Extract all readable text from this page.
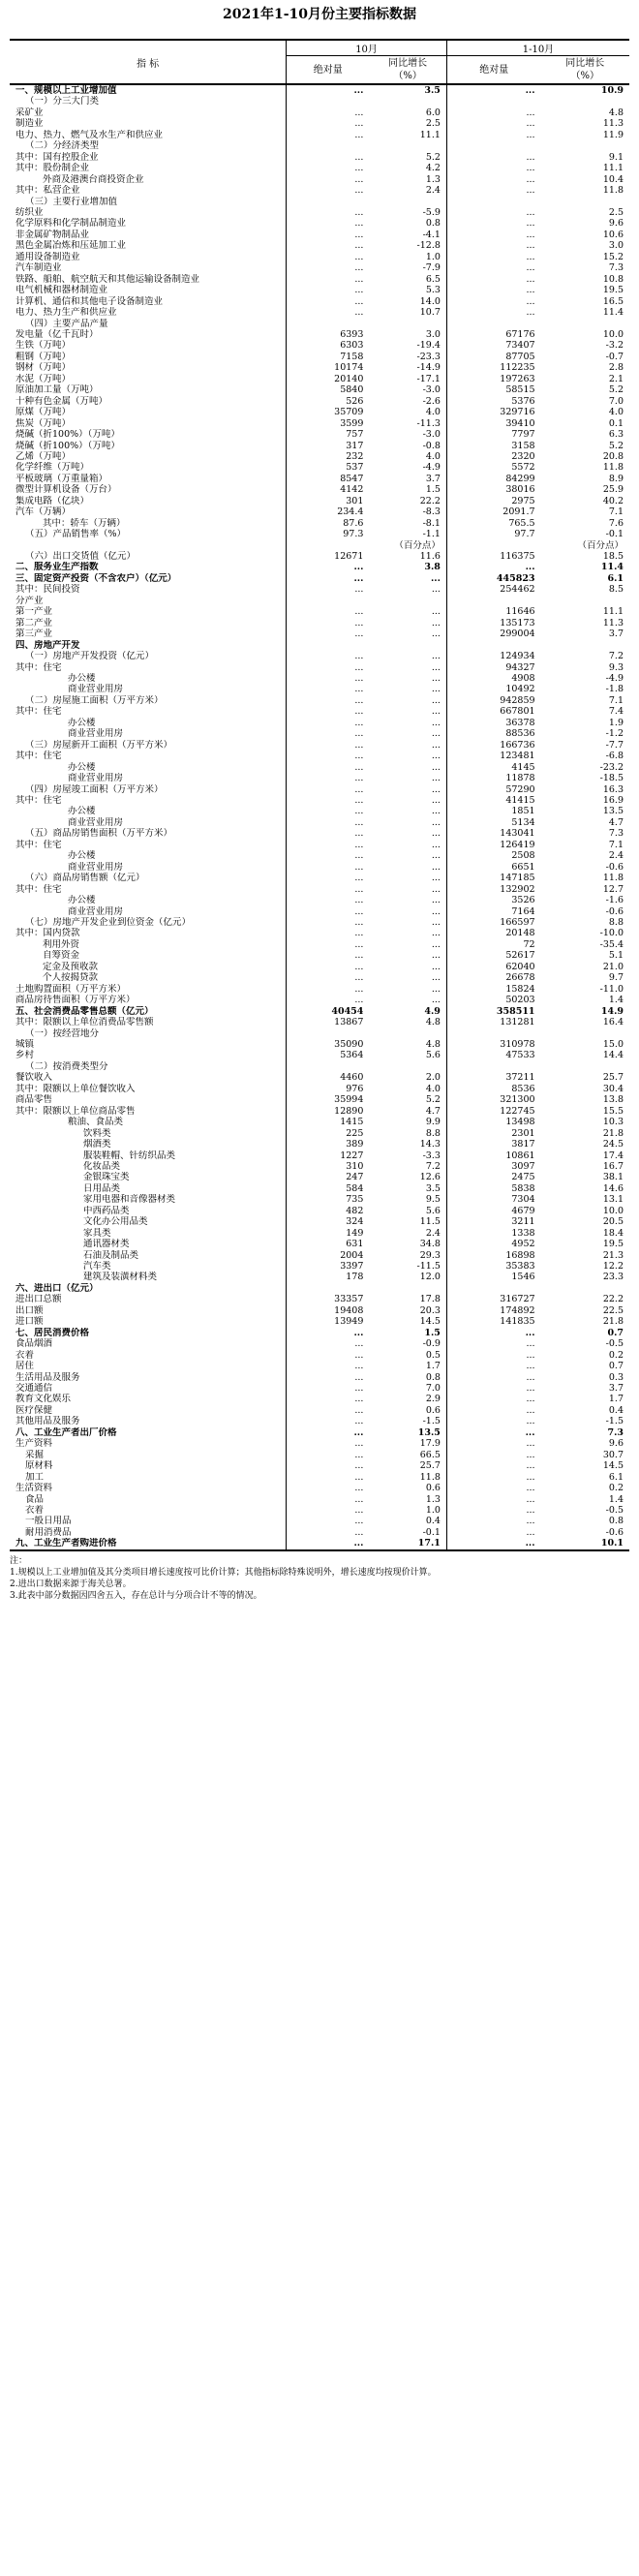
2021年1-10月份主要指标数据
指 标	10月		1-10月	
	绝对量	同比增长（%）	绝对量	同比增长（%）
一、规模以上工业增加值	...	3.5	...	10.9
（一）分三大门类				
采矿业	...	6.0	...	4.8
制造业	...	2.5	...	11.3
电力、热力、燃气及水生产和供应业	...	11.1	...	11.9
（二）分经济类型				
其中：国有控股企业	...	5.2	...	9.1
其中：股份制企业	...	4.2	...	11.1
外商及港澳台商投资企业	...	1.3	...	10.4
其中：私营企业	...	2.4	...	11.8
（三）主要行业增加值				
纺织业	...	-5.9	...	2.5
化学原料和化学制品制造业	...	0.8	...	9.6
非金属矿物制品业	...	-4.1	...	10.6
黑色金属冶炼和压延加工业	...	-12.8	...	3.0
通用设备制造业	...	1.0	...	15.2
汽车制造业	...	-7.9	...	7.3
铁路、船舶、航空航天和其他运输设备制造业	...	6.5	...	10.8
电气机械和器材制造业	...	5.3	...	19.5
计算机、通信和其他电子设备制造业	...	14.0	...	16.5
电力、热力生产和供应业	...	10.7	...	11.4
（四）主要产品产量				
发电量（亿千瓦时）	6393	3.0	67176	10.0
生铁（万吨）	6303	-19.4	73407	-3.2
粗钢（万吨）	7158	-23.3	87705	-0.7
钢材（万吨）	10174	-14.9	112235	2.8
水泥（万吨）	20140	-17.1	197263	2.1
原油加工量（万吨）	5840	-3.0	58515	5.2
十种有色金属（万吨）	526	-2.6	5376	7.0
原煤（万吨）	35709	4.0	329716	4.0
焦炭（万吨）	3599	-11.3	39410	0.1
烧碱（折100%）（万吨）	757	-3.0	7797	6.3
烧碱（折100%）（万吨）	317	-0.8	3158	5.2
乙烯（万吨）	232	4.0	2320	20.8
化学纤维（万吨）	537	-4.9	5572	11.8
平板玻璃（万重量箱）	8547	3.7	84299	8.9
微型计算机设备（万台）	4142	1.5	38016	25.9
集成电路（亿块）	301	22.2	2975	40.2
汽车（万辆）	234.4	-8.3	2091.7	7.1
其中：轿车（万辆）	87.6	-8.1	765.5	7.6
（五）产品销售率（%）	97.3	-1.1	97.7	-0.1
		（百分点）		（百分点）
（六）出口交货值（亿元）	12671	11.6	116375	18.5
二、服务业生产指数	...	3.8	...	11.4
三、固定资产投资（不含农户）（亿元）	...	...	445823	6.1
其中：民间投资	...	...	254462	8.5
分产业				
第一产业	...	...	11646	11.1
第二产业	...	...	135173	11.3
第三产业	...	...	299004	3.7
四、房地产开发				
（一）房地产开发投资（亿元）	...	...	124934	7.2
其中：住宅	...	...	94327	9.3
办公楼	...	...	4908	-4.9
商业营业用房	...	...	10492	-1.8
（二）房屋施工面积（万平方米）	...	...	942859	7.1
其中：住宅	...	...	667801	7.4
办公楼	...	...	36378	1.9
商业营业用房	...	...	88536	-1.2
（三）房屋新开工面积（万平方米）	...	...	166736	-7.7
其中：住宅	...	...	123481	-6.8
办公楼	...	...	4145	-23.2
商业营业用房	...	...	11878	-18.5
（四）房屋竣工面积（万平方米）	...	...	57290	16.3
其中：住宅	...	...	41415	16.9
办公楼	...	...	1851	13.5
商业营业用房	...	...	5134	4.7
（五）商品房销售面积（万平方米）	...	...	143041	7.3
其中：住宅	...	...	126419	7.1
办公楼	...	...	2508	2.4
商业营业用房	...	...	6651	-0.6
（六）商品房销售额（亿元）	...	...	147185	11.8
其中：住宅	...	...	132902	12.7
办公楼	...	...	3526	-1.6
商业营业用房	...	...	7164	-0.6
（七）房地产开发企业到位资金（亿元）	...	...	166597	8.8
其中：国内贷款	...	...	20148	-10.0
利用外资	...	...	72	-35.4
自筹资金	...	...	52617	5.1
定金及预收款	...	...	62040	21.0
个人按揭贷款	...	...	26678	9.7
土地购置面积（万平方米）	...	...	15824	-11.0
商品房待售面积（万平方米）	...	...	50203	1.4
五、社会消费品零售总额（亿元）	40454	4.9	358511	14.9
其中：限额以上单位消费品零售额	13867	4.8	131281	16.4
（一）按经营地分				
城镇	35090	4.8	310978	15.0
乡村	5364	5.6	47533	14.4
（二）按消费类型分				
餐饮收入	4460	2.0	37211	25.7
其中：限额以上单位餐饮收入	976	4.0	8536	30.4
商品零售	35994	5.2	321300	13.8
其中：限额以上单位商品零售	12890	4.7	122745	15.5
粮油、食品类	1415	9.9	13498	10.3
饮料类	225	8.8	2301	21.8
烟酒类	389	14.3	3817	24.5
服装鞋帽、针纺织品类	1227	-3.3	10861	17.4
化妆品类	310	7.2	3097	16.7
金银珠宝类	247	12.6	2475	38.1
日用品类	584	3.5	5838	14.6
家用电器和音像器材类	735	9.5	7304	13.1
中西药品类	482	5.6	4679	10.0
文化办公用品类	324	11.5	3211	20.5
家具类	149	2.4	1338	18.4
通讯器材类	631	34.8	4952	19.5
石油及制品类	2004	29.3	16898	21.3
汽车类	3397	-11.5	35383	12.2
建筑及装潢材料类	178	12.0	1546	23.3
六、进出口（亿元）				
进出口总额	33357	17.8	316727	22.2
出口额	19408	20.3	174892	22.5
进口额	13949	14.5	141835	21.8
七、居民消费价格	...	1.5	...	0.7
食品烟酒	...	-0.9	...	-0.5
衣着	...	0.5	...	0.2
居住	...	1.7	...	0.7
生活用品及服务	...	0.8	...	0.3
交通通信	...	7.0	...	3.7
教育文化娱乐	...	2.9	...	1.7
医疗保健	...	0.6	...	0.4
其他用品及服务	...	-1.5	...	-1.5
八、工业生产者出厂价格	...	13.5	...	7.3
生产资料	...	17.9	...	9.6
采掘	...	66.5	...	30.7
原材料	...	25.7	...	14.5
加工	...	11.8	...	6.1
生活资料	...	0.6	...	0.2
食品	...	1.3	...	1.4
衣着	...	1.0	...	-0.5
一般日用品	...	0.4	...	0.8
耐用消费品	...	-0.1	...	-0.6
九、工业生产者购进价格	...	17.1	...	10.1
注：
1.规模以上工业增加值及其分类项目增长速度按可比价计算；其他指标除特殊说明外，增长速度均按现价计算。
2.进出口数据来源于海关总署。
3.此表中部分数据因四舍五入，存在总计与分项合计不等的情况。
